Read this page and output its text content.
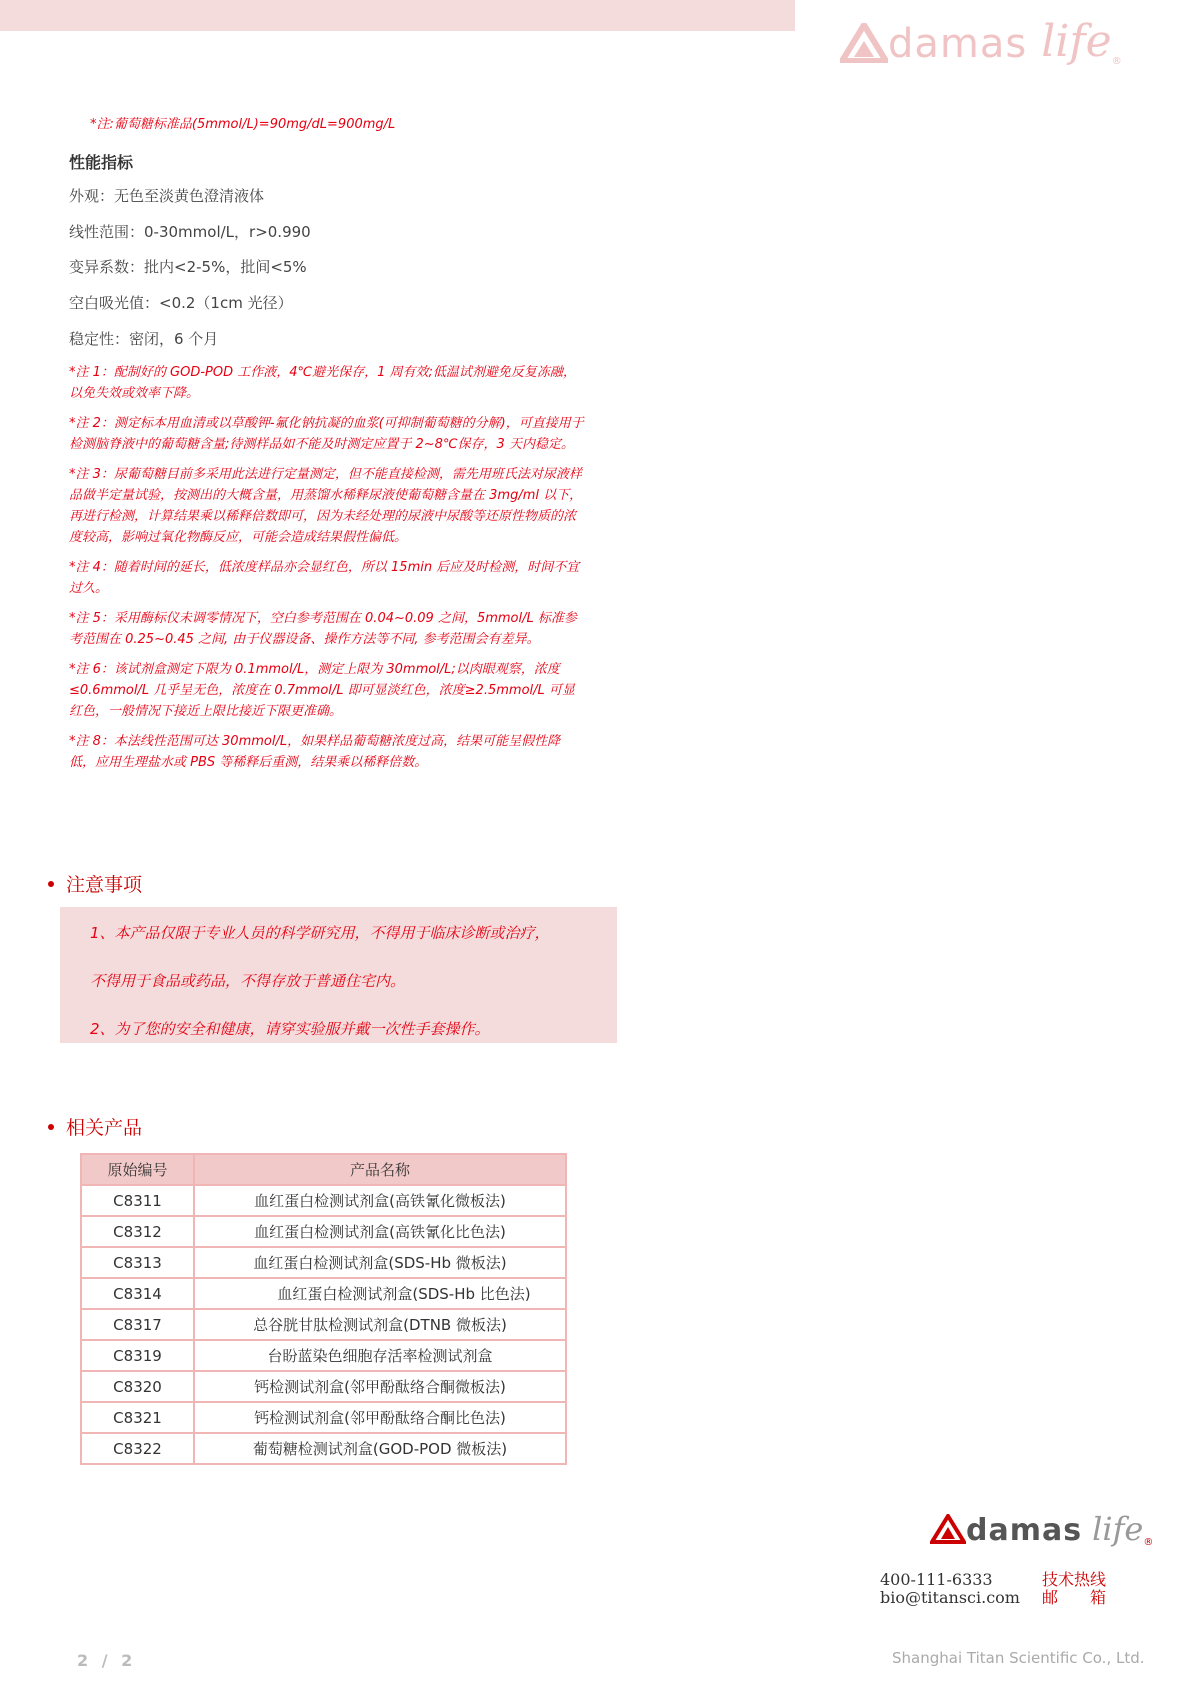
damas life ®
*注:葡萄糖标准品(5mmol/L)=90mg/dL=900mg/L
性能指标
外观：无色至淡黄色澄清液体
线性范围：0-30mmol/L，r>0.990
变异系数：批内<2-5%，批间<5%
空白吸光值：<0.2（1cm 光径）
稳定性：密闭，6 个月

*注 1：配制好的 GOD-POD 工作液，4℃避光保存，1 周有效;低温试剂避免反复冻融，以免失效或效率下降。

*注 2：测定标本用血清或以草酸钾-氟化钠抗凝的血浆(可抑制葡萄糖的分解)，可直接用于检测脑脊液中的葡萄糖含量;待测样品如不能及时测定应置于 2~8℃保存，3 天内稳定。

*注 3：尿葡萄糖目前多采用此法进行定量测定，但不能直接检测，需先用班氏法对尿液样品做半定量试验，按测出的大概含量，用蒸馏水稀释尿液使葡萄糖含量在 3mg/ml 以下，再进行检测，计算结果乘以稀释倍数即可，因为未经处理的尿液中尿酸等还原性物质的浓度较高，影响过氧化物酶反应，可能会造成结果假性偏低。

*注 4：随着时间的延长，低浓度样品亦会显红色，所以 15min 后应及时检测，时间不宜过久。

*注 5：采用酶标仪未调零情况下，空白参考范围在 0.04~0.09 之间，5mmol/L 标准参考范围在 0.25~0.45 之间, 由于仪器设备、操作方法等不同, 参考范围会有差异。

*注 6：该试剂盒测定下限为 0.1mmol/L，测定上限为 30mmol/L;以肉眼观察，浓度≤0.6mmol/L 几乎呈无色，浓度在 0.7mmol/L 即可显淡红色，浓度≥2.5mmol/L 可显红色，一般情况下接近上限比接近下限更准确。

*注 8：本法线性范围可达 30mmol/L，如果样品葡萄糖浓度过高，结果可能呈假性降低，应用生理盐水或 PBS 等稀释后重测，结果乘以稀释倍数。

注意事项

1、本产品仅限于专业人员的科学研究用，不得用于临床诊断或治疗，

不得用于食品或药品，不得存放于普通住宅内。

2、为了您的安全和健康，请穿实验服并戴一次性手套操作。

相关产品
原始编号	产品名称
C8311	血红蛋白检测试剂盒(高铁氰化微板法)
C8312	血红蛋白检测试剂盒(高铁氰化比色法)
C8313	血红蛋白检测试剂盒(SDS-Hb 微板法)
C8314	血红蛋白检测试剂盒(SDS-Hb 比色法)
C8317	总谷胱甘肽检测试剂盒(DTNB 微板法)
C8319	台盼蓝染色细胞存活率检测试剂盒
C8320	钙检测试剂盒(邻甲酚酞络合酮微板法)
C8321	钙检测试剂盒(邻甲酚酞络合酮比色法)
C8322	葡萄糖检测试剂盒(GOD-POD 微板法)
damas life ®
400-111-6333	技术热线
bio@titansci.com	邮　　箱
2 / 2	Shanghai Titan Scientific Co., Ltd.
